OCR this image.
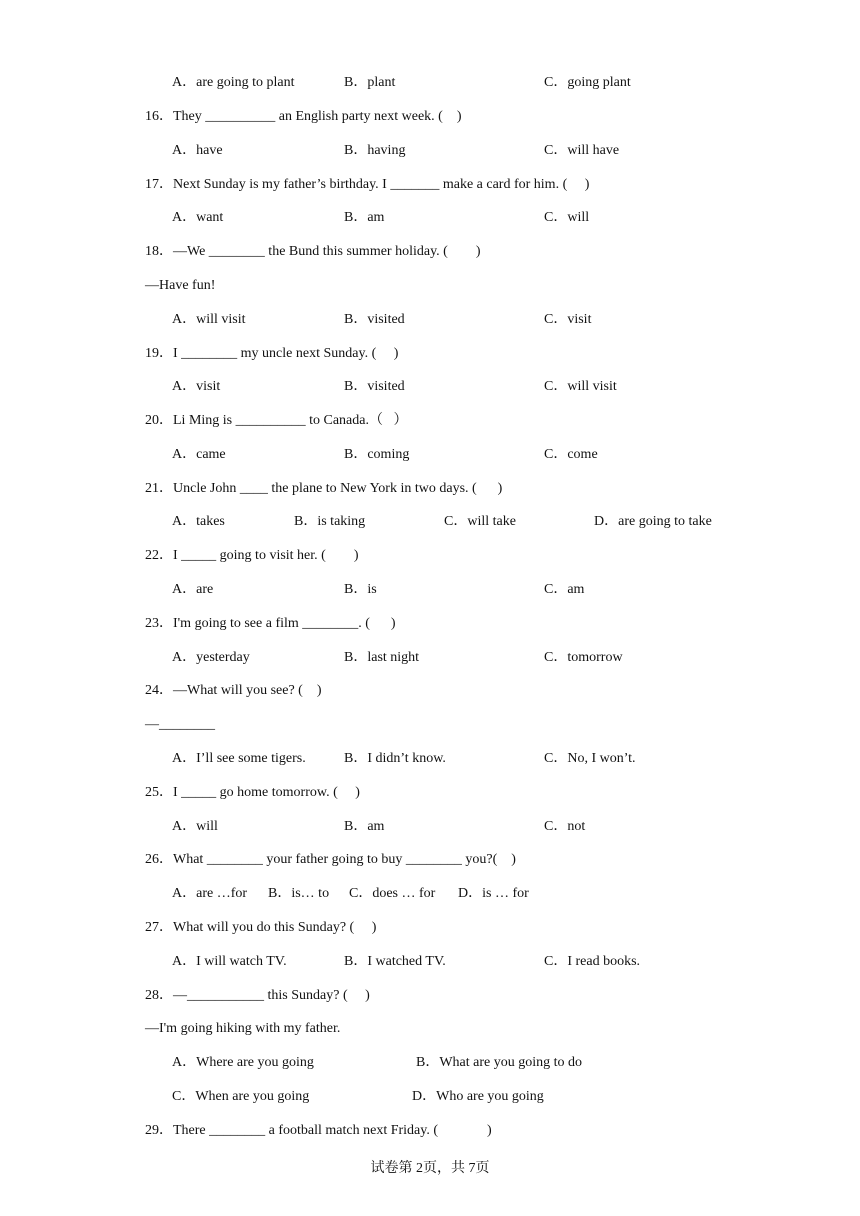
A．are going to plant	B．plant	C．going plant
16．They __________ an English party next week. (    )
A．have	B．having	C．will have
17．Next Sunday is my father’s birthday. I _______ make a card for him. (     )
A．want	B．am	C．will
18．—We ________ the Bund this summer holiday. (        )
—Have fun!
A．will visit	B．visited	C．visit
19．I ________ my uncle next Sunday. (     )
A．visit	B．visited	C．will visit
20．Li Ming is __________ to Canada.（   ）
A．came	B．coming	C．come
21．Uncle John ____ the plane to New York in two days. (      )
A．takes	B．is taking	C．will take	D．are going to take
22．I _____ going to visit her. (        )
A．are	B．is	C．am
23．I'm going to see a film ________. (      )
A．yesterday	B．last night	C．tomorrow
24．—What will you see? (    )
—________
A．I’ll see some tigers.	B．I didn’t know.	C．No, I won’t.
25．I _____ go home tomorrow. (     )
A．will	B．am	C．not
26．What ________ your father going to buy ________ you?(    )
A．are …for B．is… to C．does … for D．is … for
27．What will you do this Sunday? (     )
A．I will watch TV.	B．I watched TV.	C．I read books.
28．—___________ this Sunday? (     )
—I'm going hiking with my father.
A．Where are you going	B．What are you going to do
C．When are you going	D．Who are you going
29．There ________ a football match next Friday. (              )
试卷第 2页，共 7页
